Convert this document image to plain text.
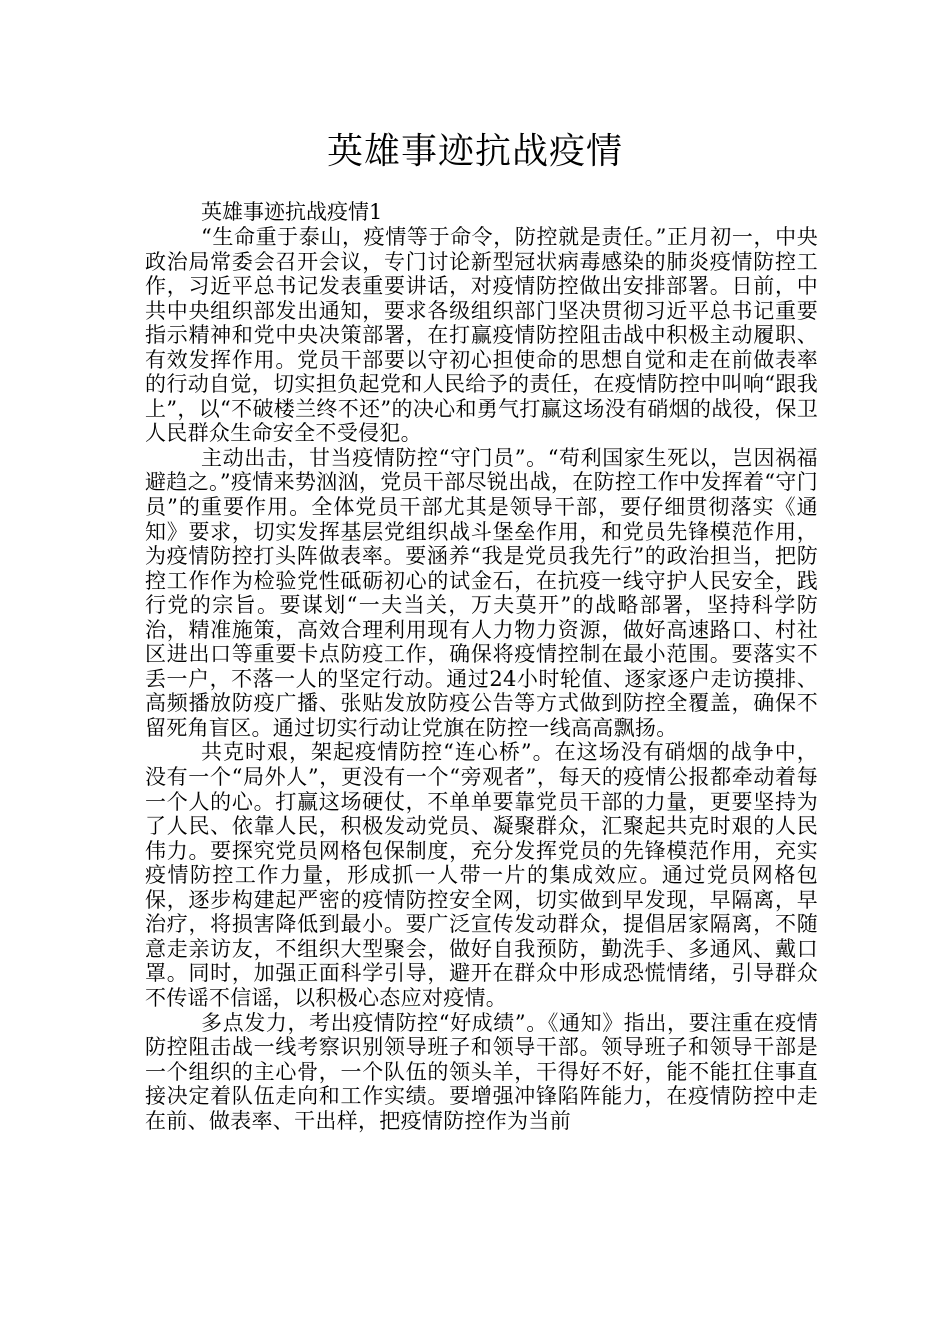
英雄事迹抗战疫情

英雄事迹抗战疫情1

“生命重于泰山，疫情等于命令，防控就是责任。”正月初一，中央政治局常委会召开会议，专门讨论新型冠状病毒感染的肺炎疫情防控工作，习近平总书记发表重要讲话，对疫情防控做出安排部署。日前，中共中央组织部发出通知，要求各级组织部门坚决贯彻习近平总书记重要指示精神和党中央决策部署，在打赢疫情防控阻击战中积极主动履职、有效发挥作用。党员干部要以守初心担使命的思想自觉和走在前做表率的行动自觉，切实担负起党和人民给予的责任，在疫情防控中叫响“跟我上”，以“不破楼兰终不还”的决心和勇气打赢这场没有硝烟的战役，保卫人民群众生命安全不受侵犯。

主动出击，甘当疫情防控“守门员”。“苟利国家生死以，岂因祸福避趋之。”疫情来势汹汹，党员干部尽锐出战，在防控工作中发挥着“守门员”的重要作用。全体党员干部尤其是领导干部，要仔细贯彻落实《通知》要求，切实发挥基层党组织战斗堡垒作用，和党员先锋模范作用，为疫情防控打头阵做表率。要涵养“我是党员我先行”的政治担当，把防控工作作为检验党性砥砺初心的试金石，在抗疫一线守护人民安全，践行党的宗旨。要谋划“一夫当关，万夫莫开”的战略部署，坚持科学防治，精准施策，高效合理利用现有人力物力资源，做好高速路口、村社区进出口等重要卡点防疫工作，确保将疫情控制在最小范围。要落实不丢一户，不落一人的坚定行动。通过24小时轮值、逐家逐户走访摸排、高频播放防疫广播、张贴发放防疫公告等方式做到防控全覆盖，确保不留死角盲区。通过切实行动让党旗在防控一线高高飘扬。

共克时艰，架起疫情防控“连心桥”。在这场没有硝烟的战争中，没有一个“局外人”，更没有一个“旁观者”，每天的疫情公报都牵动着每一个人的心。打赢这场硬仗，不单单要靠党员干部的力量，更要坚持为了人民、依靠人民，积极发动党员、凝聚群众，汇聚起共克时艰的人民伟力。要探究党员网格包保制度，充分发挥党员的先锋模范作用，充实疫情防控工作力量，形成抓一人带一片的集成效应。通过党员网格包保，逐步构建起严密的疫情防控安全网，切实做到早发现，早隔离，早治疗，将损害降低到最小。要广泛宣传发动群众，提倡居家隔离，不随意走亲访友，不组织大型聚会，做好自我预防，勤洗手、多通风、戴口罩。同时，加强正面科学引导，避开在群众中形成恐慌情绪，引导群众不传谣不信谣，以积极心态应对疫情。

多点发力，考出疫情防控“好成绩”。《通知》指出，要注重在疫情防控阻击战一线考察识别领导班子和领导干部。领导班子和领导干部是一个组织的主心骨，一个队伍的领头羊，干得好不好，能不能扛住事直接决定着队伍走向和工作实绩。要增强冲锋陷阵能力，在疫情防控中走在前、做表率、干出样，把疫情防控作为当前
